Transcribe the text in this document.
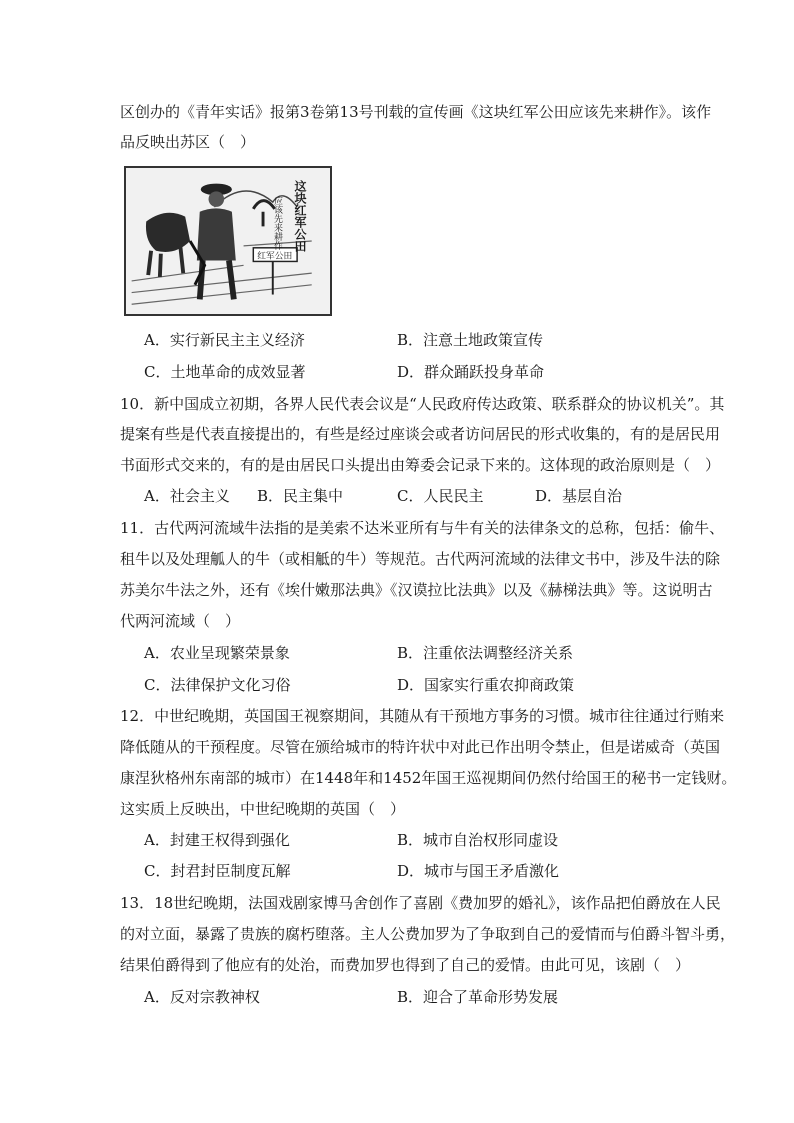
区创办的《青年实话》报第3卷第13号刊载的宣传画《这块红军公田应该先来耕作》。该作
品反映出苏区（　）
红军公田
这块红军公田
应该先来耕作
A．实行新民主主义经济	B．注意土地政策宣传
C．土地革命的成效显著	D．群众踊跃投身革命
10．新中国成立初期，各界人民代表会议是“人民政府传达政策、联系群众的协议机关”。其
提案有些是代表直接提出的，有些是经过座谈会或者访问居民的形式收集的，有的是居民用
书面形式交来的，有的是由居民口头提出由筹委会记录下来的。这体现的政治原则是（　）
A．社会主义 B．民主集中	C．人民民主	D．基层自治
11．古代两河流域牛法指的是美索不达米亚所有与牛有关的法律条文的总称，包括：偷牛、
租牛以及处理觚人的牛（或相觝的牛）等规范。古代两河流域的法律文书中，涉及牛法的除
苏美尔牛法之外，还有《埃什嫩那法典》《汉谟拉比法典》以及《赫梯法典》等。这说明古
代两河流域（　）
A．农业呈现繁荣景象	B．注重依法调整经济关系
C．法律保护文化习俗	D．国家实行重农抑商政策
12．中世纪晚期，英国国王视察期间，其随从有干预地方事务的习惯。城市往往通过行贿来
降低随从的干预程度。尽管在颁给城市的特许状中对此已作出明令禁止，但是诺威奇（英国
康涅狄格州东南部的城市）在1448年和1452年国王巡视期间仍然付给国王的秘书一定钱财。
这实质上反映出，中世纪晚期的英国（　）
A．封建王权得到强化	B．城市自治权形同虚设
C．封君封臣制度瓦解	D．城市与国王矛盾激化
13．18世纪晚期，法国戏剧家博马舍创作了喜剧《费加罗的婚礼》，该作品把伯爵放在人民
的对立面，暴露了贵族的腐朽堕落。主人公费加罗为了争取到自己的爱情而与伯爵斗智斗勇，
结果伯爵得到了他应有的处治，而费加罗也得到了自己的爱情。由此可见，该剧（　）
A．反对宗教神权	B．迎合了革命形势发展
